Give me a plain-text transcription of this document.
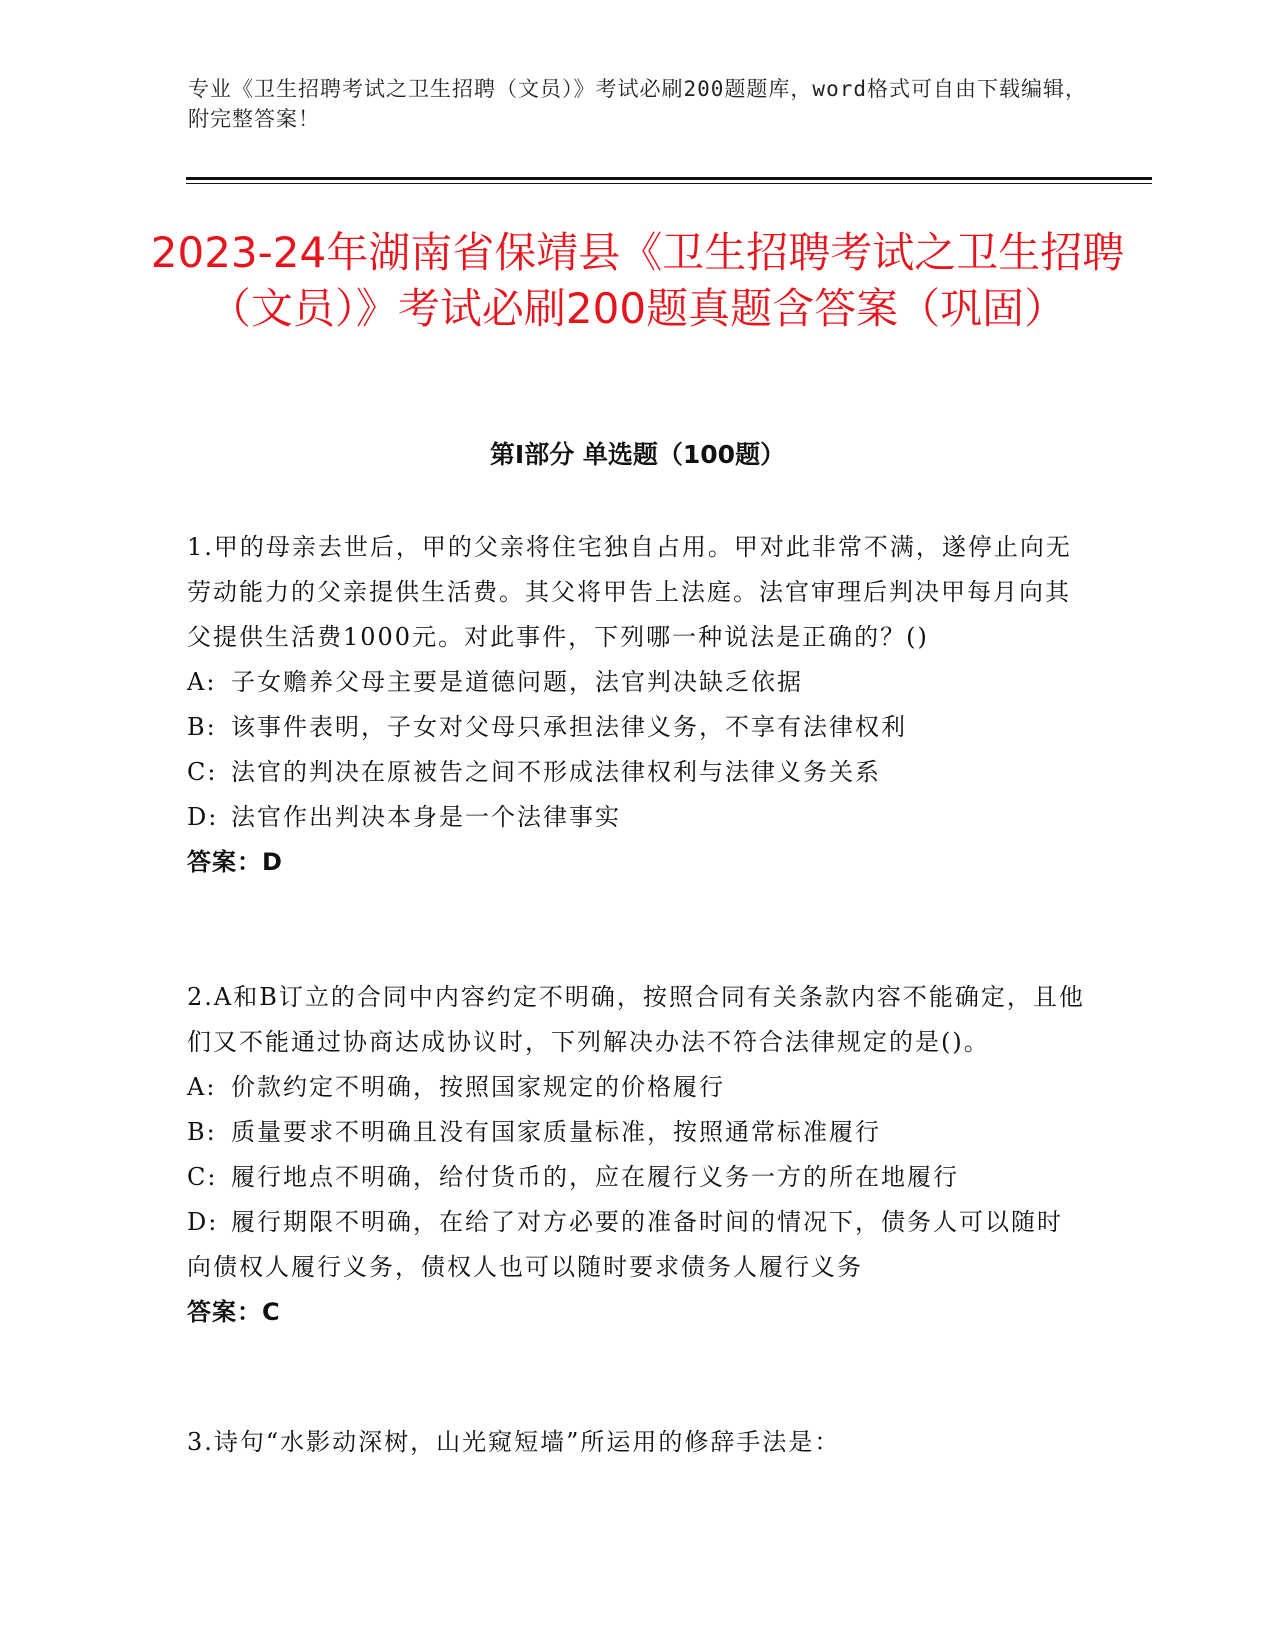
专业《卫生招聘考试之卫生招聘（文员）》考试必刷200题题库，word格式可自由下载编辑，附完整答案！
2023-24年湖南省保靖县《卫生招聘考试之卫生招聘（文员）》考试必刷200题真题含答案（巩固）
第Ⅰ部分 单选题（100题）

1.甲的母亲去世后，甲的父亲将住宅独自占用。甲对此非常不满，遂停止向无劳动能力的父亲提供生活费。其父将甲告上法庭。法官审理后判决甲每月向其父提供生活费1000元。对此事件，下列哪一种说法是正确的？()

A: 子女赡养父母主要是道德问题，法官判决缺乏依据

B: 该事件表明，子女对父母只承担法律义务，不享有法律权利

C: 法官的判决在原被告之间不形成法律权利与法律义务关系

D: 法官作出判决本身是一个法律事实

答案：D

2.A和B订立的合同中内容约定不明确，按照合同有关条款内容不能确定，且他们又不能通过协商达成协议时，下列解决办法不符合法律规定的是()。

A: 价款约定不明确，按照国家规定的价格履行

B: 质量要求不明确且没有国家质量标准，按照通常标准履行

C: 履行地点不明确，给付货币的，应在履行义务一方的所在地履行

D: 履行期限不明确，在给了对方必要的准备时间的情况下，债务人可以随时向债权人履行义务，债权人也可以随时要求债务人履行义务

答案：C

3.诗句“水影动深树，山光窥短墙”所运用的修辞手法是：
